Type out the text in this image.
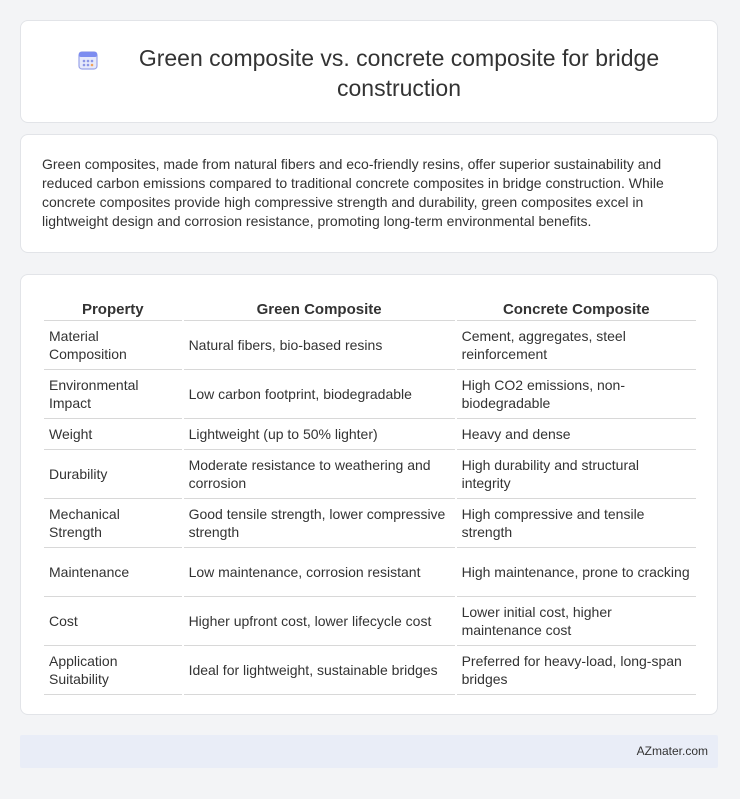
Green composite vs. concrete composite for bridge construction

Green composites, made from natural fibers and eco-friendly resins, offer superior sustainability and reduced carbon emissions compared to traditional concrete composites in bridge construction. While concrete composites provide high compressive strength and durability, green composites excel in lightweight design and corrosion resistance, promoting long-term environmental benefits.

Property	Green Composite	Concrete Composite
Material Composition	Natural fibers, bio-based resins	Cement, aggregates, steel reinforcement
Environmental Impact	Low carbon footprint, biodegradable	High CO2 emissions, non-biodegradable
Weight	Lightweight (up to 50% lighter)	Heavy and dense
Durability	Moderate resistance to weathering and corrosion	High durability and structural integrity
Mechanical Strength	Good tensile strength, lower compressive strength	High compressive and tensile strength
Maintenance	Low maintenance, corrosion resistant	High maintenance, prone to cracking
Cost	Higher upfront cost, lower lifecycle cost	Lower initial cost, higher maintenance cost
Application Suitability	Ideal for lightweight, sustainable bridges	Preferred for heavy-load, long-span bridges
AZmater.com
